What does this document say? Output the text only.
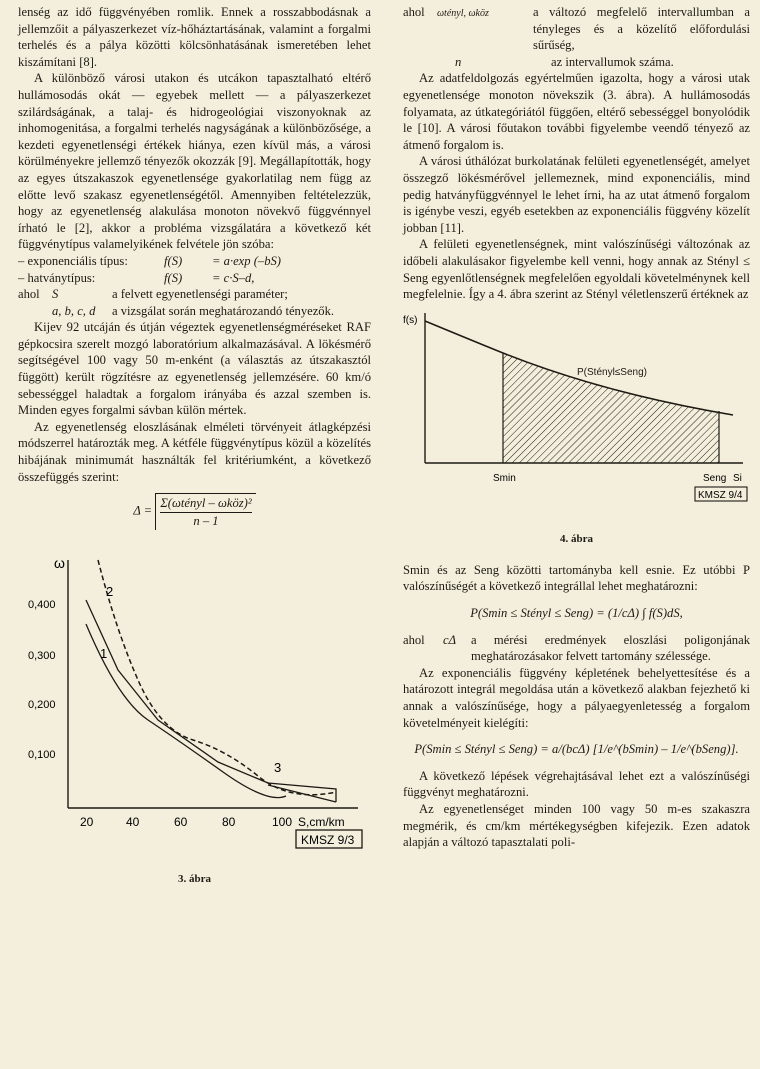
lenség az idő függvényében romlik. Ennek a rosszabbodásnak a jellemzőit a pályaszerkezet víz-hőháztartásának, valamint a forgalmi terhelés és a pálya közötti kölcsönhatásának ismeretében lehet kiszámítani [8].

A különböző városi utakon és utcákon tapasztalható eltérő hullámosodás okát — egyebek mellett — a pályaszerkezet szilárdságának, a talaj- és hidrogeológiai viszonyoknak az inhomogenitása, a forgalmi terhelés nagyságának a különbözősége, a kezdeti egyenetlenségi értékek hiánya, ezen kívül más, a városi körülményekre jellemző tényezők okozzák [9]. Megállapították, hogy az egyes útszakaszok egyenetlensége gyakorlatilag nem függ az előtte levő szakasz egyenetlenségétől. Amennyiben feltételezzük, hogy az egyenetlenség alakulása monoton növekvő függvénnyel írható le [2], akkor a probléma vizsgálatára a következő két függvénytípus valamelyikének felvétele jön szóba:

– exponenciális típus:	f(S)	= a·exp (–bS)
– hatványtípus:	f(S)	= c·S–d,
ahol S	a felvett egyenetlenségi paraméter;
a, b, c, d	a vizsgálat során meghatározandó tényezők.

Kijev 92 utcáján és útján végeztek egyenetlenségméréseket RAF gépkocsira szerelt mozgó laboratórium alkalmazásával. A lökésmérő segítségével 100 vagy 50 m-enként (a választás az útszakasztól függött) került rögzítésre az egyenetlenség jellemzésére. 60 km/ó sebességgel haladtak a forgalom irányába és azzal szemben is. Minden egyes forgalmi sávban külön mértek.

Az egyenetlenség eloszlásának elméleti törvényeit átlagképzési módszerrel határozták meg. A kétféle függvénytípus közül a közelítés hibájának minimumát használták fel kritériumként, a következő összefüggés szerint:

Δ =
Σ(ωtényl – ωköz)²
n – 1
ω
0,400
0,300
0,200
0,100
20	40	60	80	100 S,cm/km
2
1
3
KMSZ 9/3
3. ábra
ahol	ωtényl, ωköz	a változó megfelelő intervallumban a tényleges és a közelítő előfordulási sűrűség,
n	az intervallumok száma.

Az adatfeldolgozás egyértelműen igazolta, hogy a városi utak egyenetlensége monoton növekszik (3. ábra). A hullámosodás folyamata, az útkategóriától függően, eltérő sebességgel bonyolódik le [10]. A városi főutakon további figyelembe veendő tényező az átmenő forgalom is.

A városi úthálózat burkolatának felületi egyenetlenségét, amelyet összegző lökésmérővel jellemeznek, mind exponenciális, mind pedig hatványfüggvénnyel le lehet írni, ha az utat átmenő forgalom is igénybe veszi, egyéb esetekben az exponenciális függvény közelít jobban [11].

A felületi egyenetlenségnek, mint valószínűségi változónak az időbeli alakulásakor figyelembe kell venni, hogy annak az Stényl ≤ Seng egyenlőtlenségnek megfelelően egyoldali követelménynek kell megfelelnie. Így a 4. ábra szerint az Stényl véletlenszerű értéknek az

f(s)
P(Stényl≤Seng)
Smin	Seng Si
KMSZ 9/4
4. ábra

Smin és az Seng közötti tartományba kell esnie. Ez utóbbi P valószínűségét a következő integrállal lehet meghatározni:

P(Smin ≤ Stényl ≤ Seng) = (1/cΔ) ∫ f(S)dS,
ahol	cΔ	a mérési eredmények eloszlási poligonjának meghatározásakor felvett tartomány szélessége.

Az exponenciális függvény képletének behelyettesítése és a határozott integrál megoldása után a következő alakban fejezhető ki annak a valószínűsége, hogy a pályaegyenletesség a forgalom követelményeit kielégíti:

P(Smin ≤ Stényl ≤ Seng) = a/(bcΔ) [1/e^(bSmin) – 1/e^(bSeng)].

A következő lépések végrehajtásával lehet ezt a valószínűségi függvényt meghatározni.

Az egyenetlenséget minden 100 vagy 50 m-es szakaszra megmérik, és cm/km mértékegységben kifejezik. Ezen adatok alapján a változó tapasztalati poli-
